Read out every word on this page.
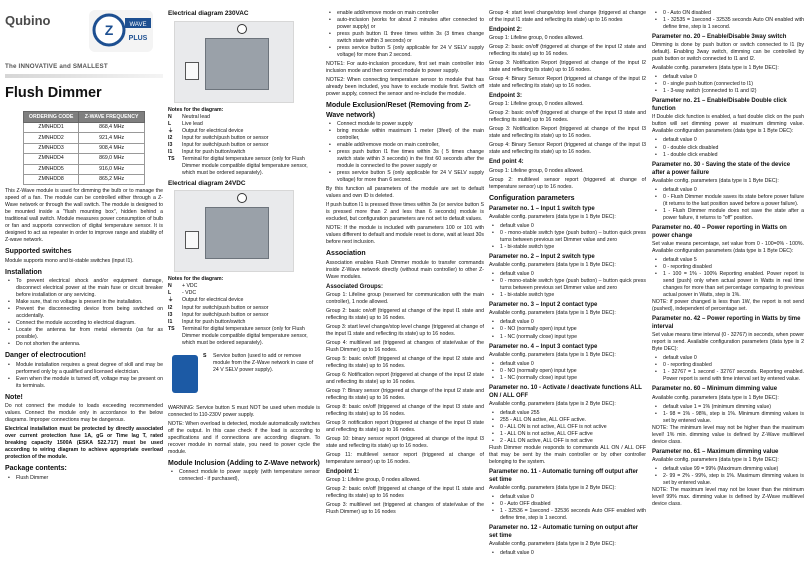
Qubino
Z	WAVE
PLUS
The INNOVATIVE and SMALLEST
Flush Dimmer
ORDERING CODE	Z-WAVE FREQUENCY
ZMNHDD1	868,4 MHz
ZMNHDD2	921,4 MHz
ZMNHDD3	908,4 MHz
ZMNHDD4	869,0 MHz
ZMNHDD5	916,0 MHz
ZMNHDD8	865,2 MHz

This Z-Wave module is used for dimming the bulb or to manage the speed of a fan. The module can be controlled either through a Z-Wave network or through the wall switch. The module is designed to be mounted inside a "flush mounting box", hidden behind a traditional wall switch. Module measures power consumption of bulb or fan and supports connection of digital temperature sensor. It is designed to act as repeater in order to improve range and stability of Z-wave network.

Supported switches

Module supports mono and bi-stable switches (input I1).

Installation
• To prevent electrical shock and/or equipment damage, disconnect electrical power at the main fuse or circuit breaker before installation or any servicing.
• Make sure, that no voltage is present in the installation.
• Prevent the disconnecting device from being switched on accidentally.
• Connect the module according to electrical diagram.
• Locate the antenna far from metal elements (as far as possible).
• Do not shorten the antenna.
Danger of electrocution!
• Module installation requires a great degree of skill and may be performed only by a qualified and licensed electrician.
• Even when the module is turned off, voltage may be present on its terminals.
Note!

Do not connect the module to loads exceeding recommended values. Connect the module only in accordance to the below diagrams. Improper connections may be dangerous.

Electrical installation must be protected by directly associated over current protection fuse 1A, gG or Time lag T, rated breaking capacity 1500A (ESKA 522.717) must be used according to wiring diagram to achieve appropriate overload protection of the module.

Package contents:
• Flush Dimmer
Electrical diagram 230VAC
Notes for the diagram:
N	Neutral lead
L	Live lead
⏚	Output for electrical device
I2	Input for switch/push button or sensor
I3	Input for switch/push button or sensor
I1	Input for push button/switch
TS	Terminal for digital temperature sensor (only for Flush Dimmer module compatible digital temperature sensor, which must be ordered separately).
Electrical diagram 24VDC
Notes for the diagram:
N	+ VDC
L	- VDC
⏚	Output for electrical device
I2	Input for switch/push button or sensor
I3	Input for switch/push button or sensor
I1	Input for push button/switch
TS	Terminal for digital temperature sensor (only for Flush Dimmer module compatible digital temperature sensor, which must be ordered separately).
S Service button (used to add or remove module from the Z-Wave network in case of 24 V SELV power supply).

WARNING: Service button S must NOT be used when module is connected to 110-230V power supply.

NOTE: When overload is detected, module automatically switches off the output. In this case check if the load is according to specifications and if connections are according diagram. To recover module in normal state, you need to power cycle the module.

Module Inclusion (Adding to Z-Wave network)
• Connect module to power supply (with temperature sensor connected - if purchased),
• enable add/remove mode on main controller
• auto-inclusion (works for about 2 minutes after connected to power supply) or
• press push button I1 three times within 3s (3 times change switch state within 3 seconds) or
• press service button S (only applicable for 24 V SELV supply voltage) for more than 2 second.

NOTE1: For auto-inclusion procedure, first set main controller into inclusion mode and then connect module to power supply.

NOTE2: When connecting temperature sensor to module that has already been included, you have to exclude module first. Switch off power supply, connect the sensor and re-include the module.

Module Exclusion/Reset (Removing from Z-Wave network)
• Connect module to power supply
• bring module within maximum 1 meter (3feet) of the main controller,
• enable add/remove mode on main controller,
• press push button I1 five times within 3s ( 5 times change switch state within 3 seconds) in the first 60 seconds after the module is connected to the power supply or
• press service button S (only applicable for 24 V SELV supply voltage) for more than 6 second.

By this function all parameters of the module are set to default values and own ID is deleted.

If push button I1 is pressed three times within 3s (or service button S is pressed more than 2 and less than 6 seconds) module is excluded, but configuration parameters are not set to default values.

NOTE: If the module is included with parameters 100 or 101 with values different to default and module reset is done, wait at least 30s before next inclusion.

Association

Association enables Flush Dimmer module to transfer commands inside Z-Wave network directly (without main controller) to other Z-Wave modules.

Associated Groups:

Group 1: Lifeline group (reserved for communication with the main controller), 1 node allowed.

Group 2: basic on/off (triggered at change of the input I1 state and reflecting its state) up to 16 nodes.

Group 3: start level change/stop level change (triggered at change of the input I1 state and reflecting its state) up to 16 nodes.

Group 4: multilevel set (triggered at changes of state/value of the Flush Dimmer) up to 16 nodes.

Group 5: basic on/off (triggered at change of the input I2 state and reflecting its state) up to 16 nodes.

Group 6: Notification report (triggered at change of the input I2 state and reflecting its state) up to 16 nodes.

Group 7: Binary sensor (triggered at change of the input I2 state and reflecting its state) up to 16 nodes.

Group 8: basic on/off (triggered at change of the input I3 state and reflecting its state) up to 16 nodes.

Group 9: notification report (triggered at change of the input I3 state and reflecting its state) up to 16 nodes.

Group 10: binary sensor report (triggered at change of the input I3 state and reflecting its state) up to 16 nodes.

Group 11: multilevel sensor report (triggered at change of temperature sensor) up to 16 nodes.

Endpoint 1:

Group 1: Lifeline group, 0 nodes allowed.

Group 2: basic on/off (triggered at change of the input I1 state and reflecting its state) up to 16 nodes

Group 3: multilevel set (triggered at changes of state/value of the Flush Dimmer) up to 16 nodes

Group 4: start level change/stop level change (triggered at change of the input I1 state and reflecting its state) up to 16 nodes

Endpoint 2:

Group 1: Lifeline group, 0 nodes allowed.

Group 2: basic on/off (triggered at change of the input I2 state and reflecting its state) up to 16 nodes.

Group 3: Notification Report (triggered at change of the input I2 state and reflecting its state) up to 16 nodes.

Group 4: Binary Sensor Report (triggered at change of the input I2 state and reflecting its state) up to 16 nodes.

Endpoint 3:

Group 1: Lifeline group, 0 nodes allowed.

Group 2: basic on/off (triggered at change of the input I3 state and reflecting its state) up to 16 nodes.

Group 3: Notification Report (triggered at change of the input I3 state and reflecting its state) up to 16 nodes.

Group 4: Binary Sensor Report (triggered at change of the input I3 state and reflecting its state) up to 16 nodes.

End point 4:

Group 1: Lifeline group, 0 nodes allowed.

Group 2: multilevel sensor report (triggered at change of temperature sensor) up to 16 nodes.

Configuration parameters
Parameter no. 1 – Input 1 switch type

Available config. parameters (data type is 1 Byte DEC):

• default value 0
• 0 - mono-stable switch type (push button) – button quick press turns between previous set Dimmer value and zero
• 1 - bi-stable switch type
Parameter no. 2 – Input 2 switch type

Available config. parameters (data type is 1 Byte DEC):

• default value 0
• 0 - mono-stable switch type (push button) – button quick press turns between previous set Dimmer value and zero
• 1 - bi-stable switch type
Parameter no. 3 – Input 2 contact type

Available config. parameters (data type is 1 Byte DEC):

• default value 0
• 0 - NO (normally open) input type
• 1 - NC (normally close) input type
Parameter no. 4 – Input 3 contact type

Available config. parameters (data type is 1 Byte DEC):

• default value 0
• 0 - NO (normally open) input type
• 1 - NC (normally close) input type
Parameter no. 10 - Activate / deactivate functions ALL ON / ALL OFF

Available config. parameters (data type is 2 Byte DEC):

• default value 255
• 255 - ALL ON active, ALL OFF active.
• 0 - ALL ON is not active, ALL OFF is not active
• 1 - ALL ON is not active, ALL OFF active
• 2 - ALL ON active, ALL OFF is not active

Flush Dimmer module responds to commands ALL ON / ALL OFF that may be sent by the main controller or by other controller belonging to the system.

Parameter no. 11 - Automatic turning off output after set time

Available config. parameters (data type is 2 Byte DEC):

• default value 0
• 0 - Auto OFF disabled
• 1 - 32536 = 1second - 32536 seconds Auto OFF enabled with define time, step is 1 second.
Parameter no. 12 - Automatic turning on output after set time

Available config. parameters (data type is 2 Byte DEC):

• default value 0
• 0 - Auto ON disabled
• 1 - 32535 = 1second - 32535 seconds Auto ON enabled with define time, step is 1 second.
Parameter no. 20 – Enable/Disable 3way switch

Dimming is done by push button or switch connected to I1 (by default). Enabling 3way switch, dimming can be controlled by push button or switch connected to I1 and I2.

Available config. parameters (data type is 1 Byte DEC):

• default value 0
• 0 - single push button (connected to I1)
• 1 - 3-way switch (connected to I1 and I2)
Parameter no. 21 – Enable/Disable Double click function

If Double click function is enabled, a fast double click on the push button will set dimming power at maximum dimming value. Available configuration parameters (data type is 1 Byte DEC):

• default value 0
• 0 - double click disabled
• 1 - double click enabled
Parameter no. 30 - Saving the state of the device after a power failure

Available config. parameters (data type is 1 Byte DEC):

• default value 0
• 0 - Flush Dimmer module saves its state before power failure (it returns to the last position saved before a power failure).
• 1 - Flush Dimmer module does not save the state after a power failure, it returns to "off" position.
Parameter no. 40 – Power reporting in Watts on power change

Set value means percentage, set value from 0 - 100=0% - 100%. Available configuration parameters (data type is 1 Byte DEC):

• default value 5
• 0 - reporting disabled
• 1 - 100 = 1% - 100% Reporting enabled. Power report is send (push) only when actual power in Watts in real time changes for more than set percentage comparing to previous actual power in Watts, step is 1%.

NOTE: if power changed is less than 1W, the report is not send (pushed), independent of percentage set.

Parameter no. 42 – Power reporting in Watts by time interval

Set value means time interval (0 - 32767) in seconds, when power report is send. Available configuration parameters (data type is 2 Byte DEC):

• default value 0
• 0 - reporting disabled
• 1 - 32767 = 1 second - 32767 seconds. Reporting enabled. Power report is send with time interval set by entered value.
Parameter no. 60 – Minimum dimming value

Available config. parameters (data type is 1 Byte DEC):

• default value 1 = 1% (minimum dimming value)
• 1- 98 = 1% - 98%, step is 1%. Minimum dimming values is set by entered value.

NOTE: The minimum level may not be higher than the maximum level! 1% min. dimming value is defined by Z-Wave multilevel device class.

Parameter no. 61 – Maximum dimming value

Available config. parameters (data type is 1 Byte DEC):

• default value 99 = 99% (Maximum dimming value)
• 2- 99 = 2% - 99%, step is 1%. Maximum dimming values is set by entered value.

NOTE: The maximum level may not be lower than the minimum level! 99% max. dimming value is defined by Z-Wave multilevel device class.
